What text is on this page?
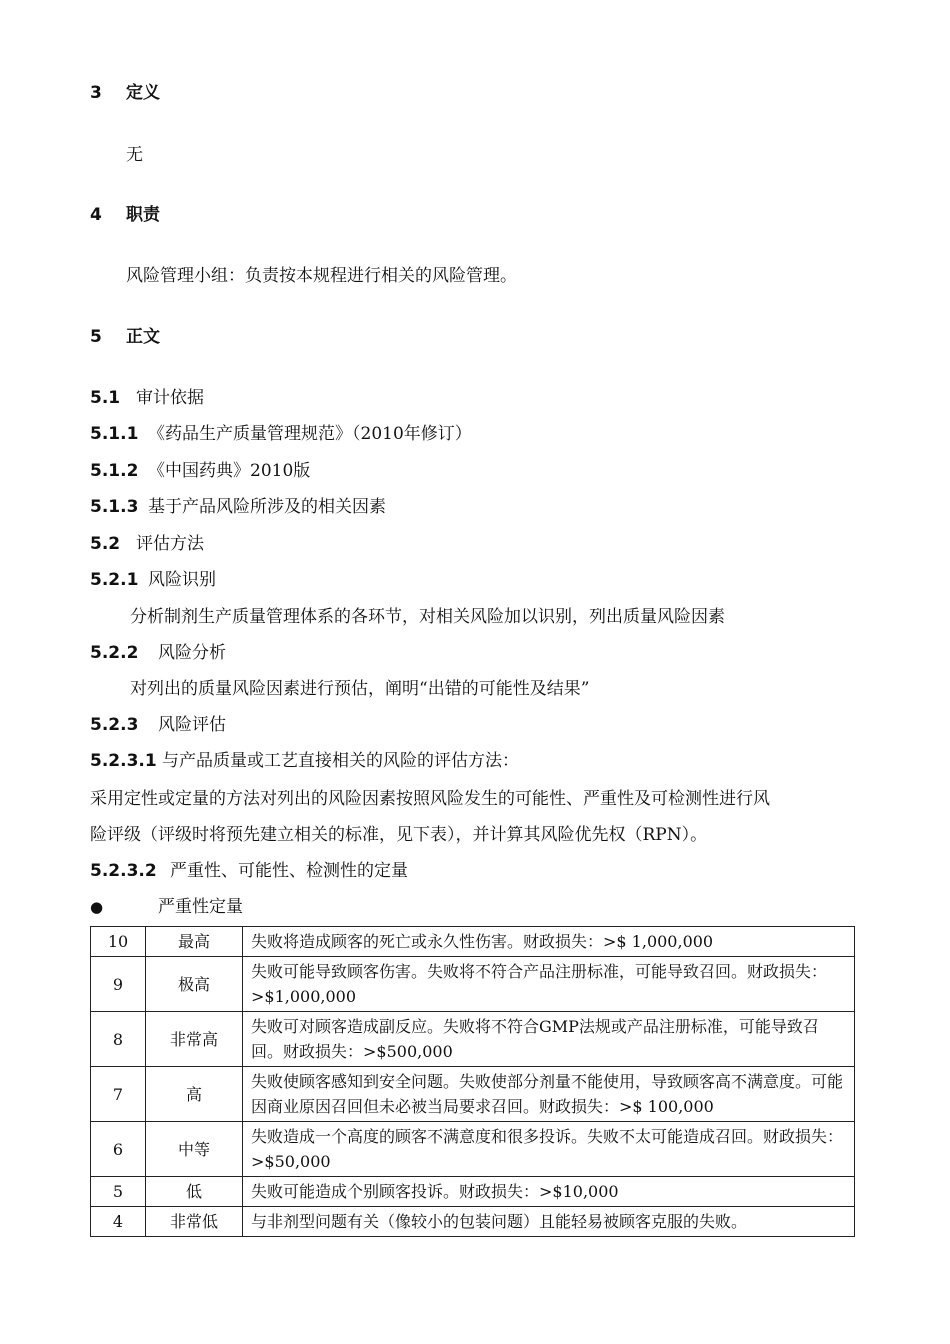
3 定义
无
4 职责
风险管理小组：负责按本规程进行相关的风险管理。
5 正文
5.1 审计依据
5.1.1 《药品生产质量管理规范》（2010年修订）
5.1.2 《中国药典》2010版
5.1.3 基于产品风险所涉及的相关因素
5.2 评估方法
5.2.1 风险识别
分析制剂生产质量管理体系的各环节，对相关风险加以识别，列出质量风险因素
5.2.2 风险分析
对列出的质量风险因素进行预估，阐明“出错的可能性及结果”
5.2.3 风险评估
5.2.3.1 与产品质量或工艺直接相关的风险的评估方法：
采用定性或定量的方法对列出的风险因素按照风险发生的可能性、严重性及可检测性进行风
险评级（评级时将预先建立相关的标准，见下表），并计算其风险优先权（RPN）。
5.2.3.2 严重性、可能性、检测性的定量
●	严重性定量
10	最高	失败将造成顾客的死亡或永久性伤害。财政损失：>$ 1,000,000
9	极高	失败可能导致顾客伤害。失败将不符合产品注册标准，可能导致召回。财政损失：>$1,000,000
8	非常高	失败可对顾客造成副反应。失败将不符合GMP法规或产品注册标准，可能导致召回。财政损失：>$500,000
7	高	失败使顾客感知到安全问题。失败使部分剂量不能使用，导致顾客高不满意度。可能因商业原因召回但未必被当局要求召回。财政损失：>$ 100,000
6	中等	失败造成一个高度的顾客不满意度和很多投诉。失败不太可能造成召回。财政损失：>$50,000
5	低	失败可能造成个别顾客投诉。财政损失：>$10,000
4	非常低	与非剂型问题有关（像较小的包装问题）且能轻易被顾客克服的失败。
